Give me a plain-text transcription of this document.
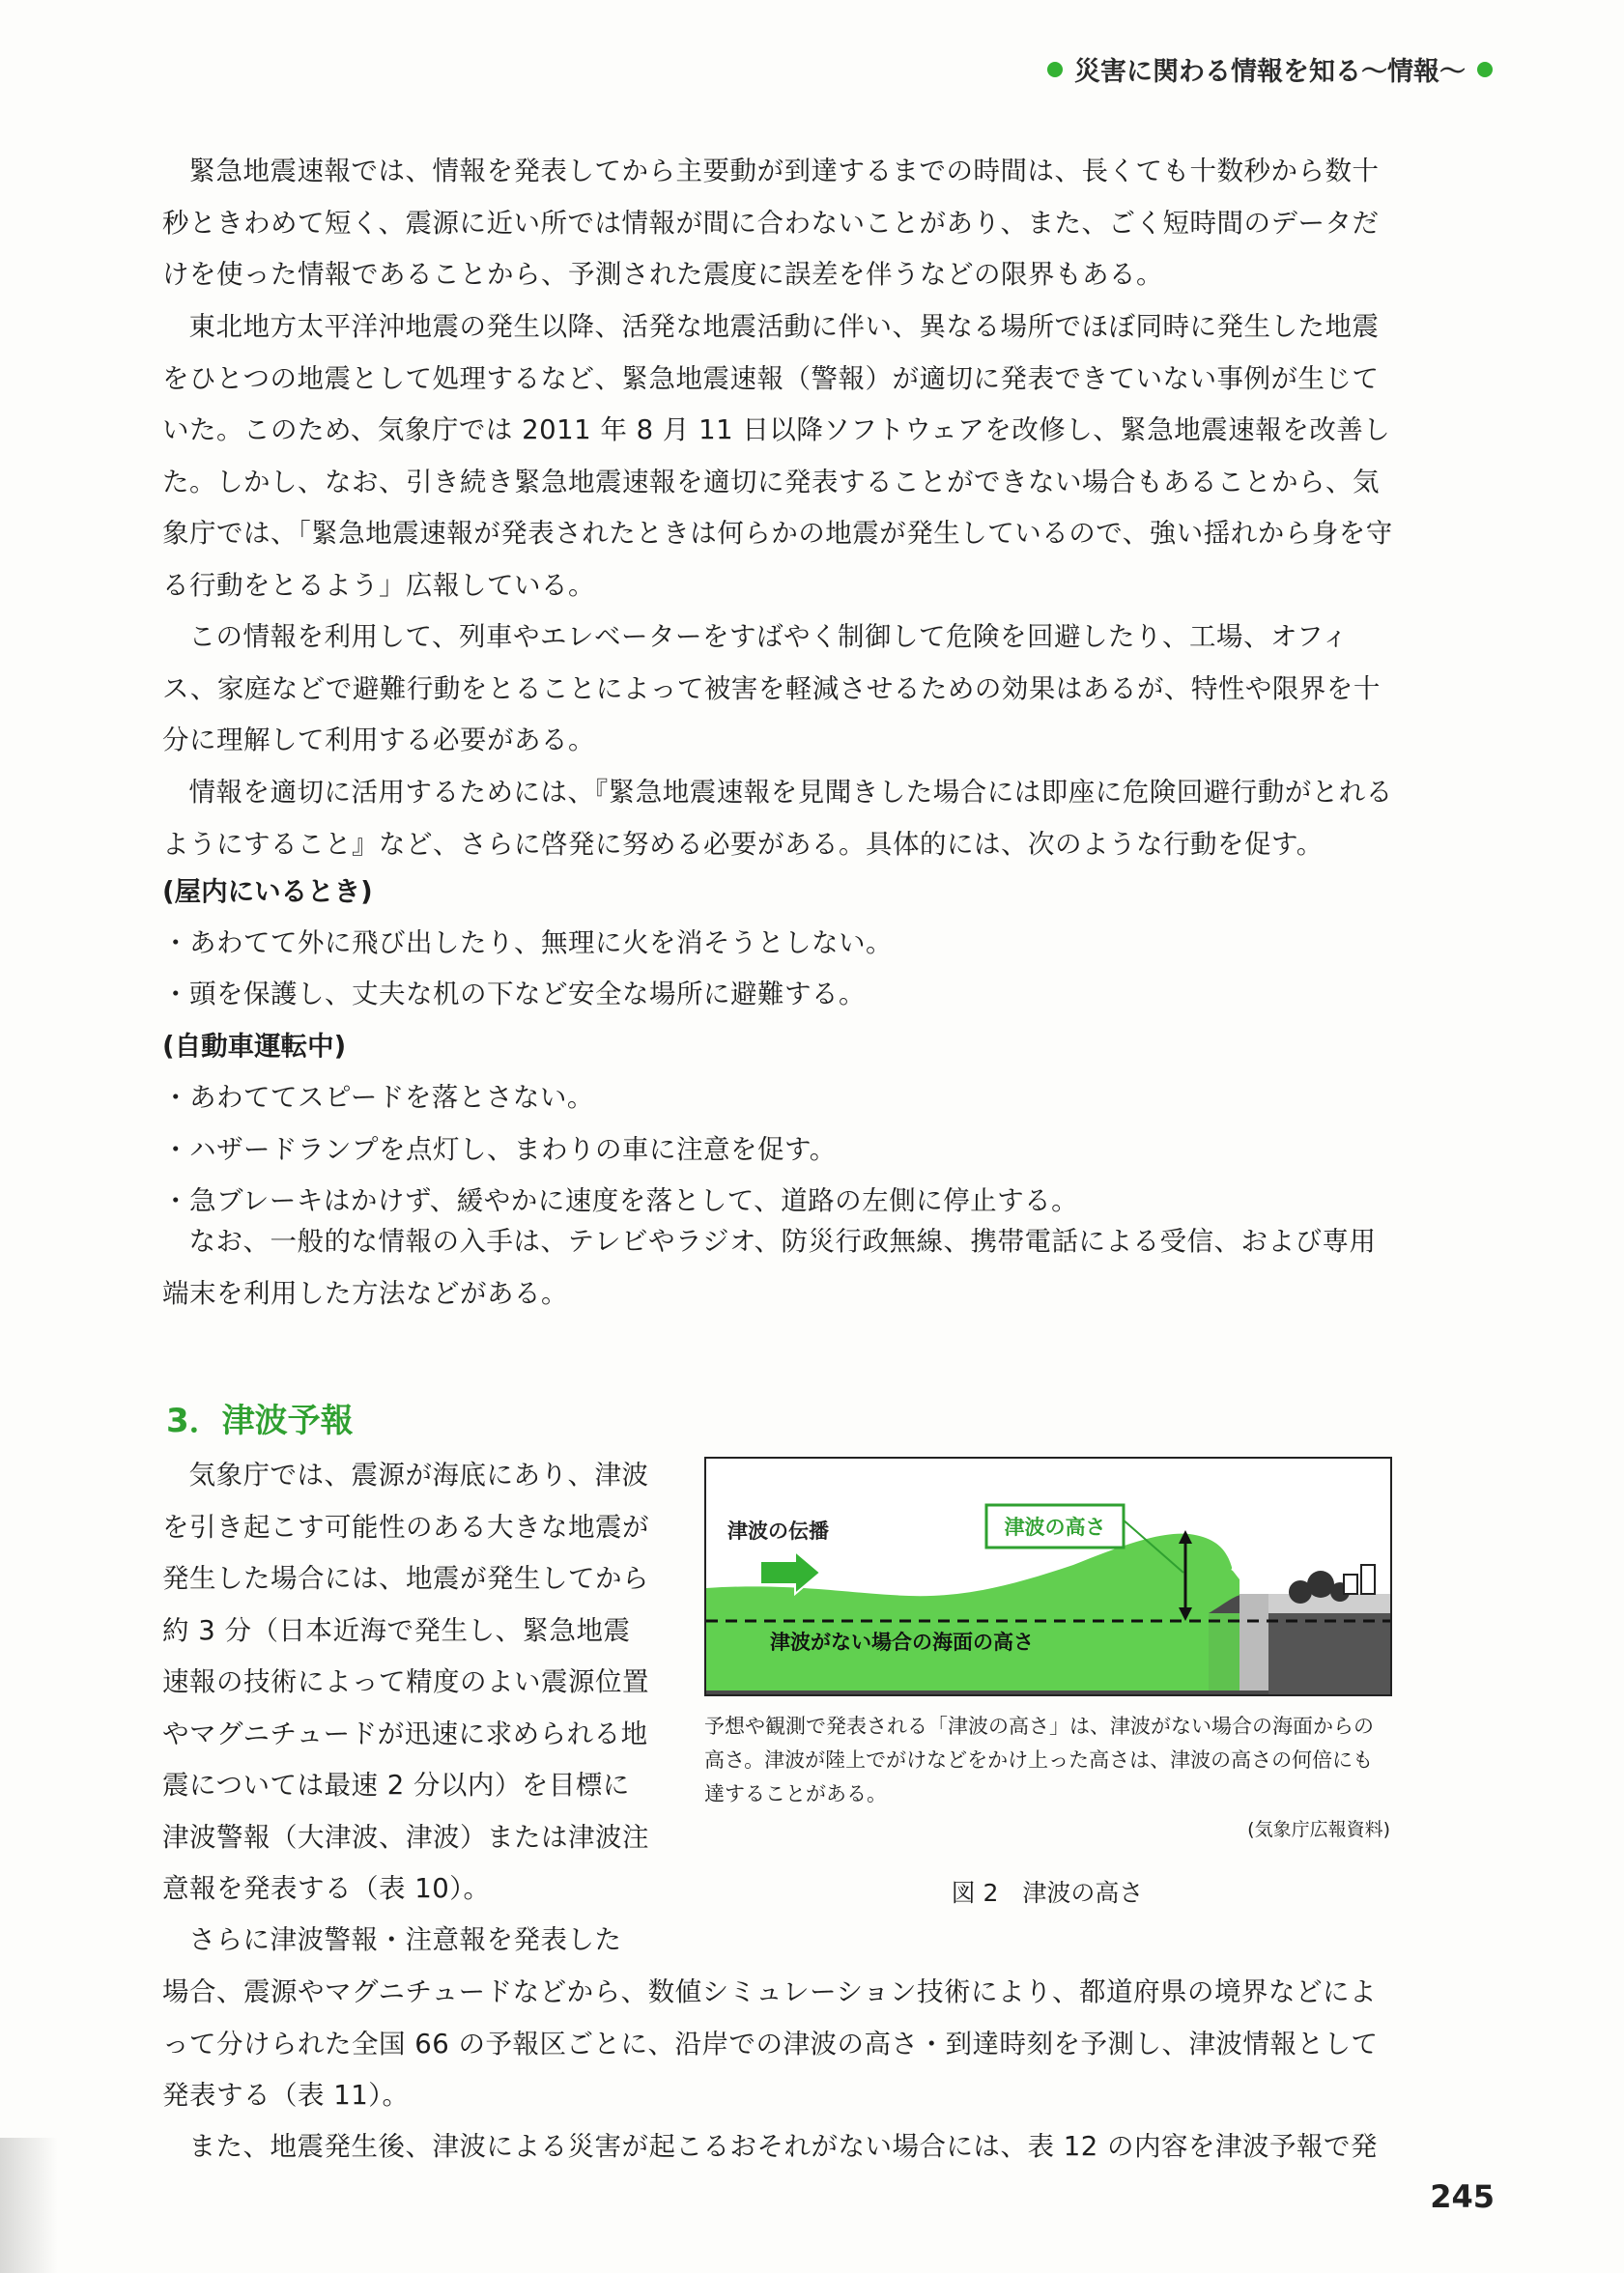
災害に関わる情報を知る～情報～

緊急地震速報では、情報を発表してから主要動が到達するまでの時間は、長くても十数秒から数十秒ときわめて短く、震源に近い所では情報が間に合わないことがあり、また、ごく短時間のデータだけを使った情報であることから、予測された震度に誤差を伴うなどの限界もある。

東北地方太平洋沖地震の発生以降、活発な地震活動に伴い、異なる場所でほぼ同時に発生した地震をひとつの地震として処理するなど、緊急地震速報（警報）が適切に発表できていない事例が生じていた。このため、気象庁では 2011 年 8 月 11 日以降ソフトウェアを改修し、緊急地震速報を改善した。しかし、なお、引き続き緊急地震速報を適切に発表することができない場合もあることから、気象庁では、「緊急地震速報が発表されたときは何らかの地震が発生しているので、強い揺れから身を守る行動をとるよう」広報している。

この情報を利用して、列車やエレベーターをすばやく制御して危険を回避したり、工場、オフィス、家庭などで避難行動をとることによって被害を軽減させるための効果はあるが、特性や限界を十分に理解して利用する必要がある。

情報を適切に活用するためには、『緊急地震速報を見聞きした場合には即座に危険回避行動がとれるようにすること』など、さらに啓発に努める必要がある。具体的には、次のような行動を促す。

(屋内にいるとき)

・あわてて外に飛び出したり、無理に火を消そうとしない。

・頭を保護し、丈夫な机の下など安全な場所に避難する。

(自動車運転中)

・あわててスピードを落とさない。

・ハザードランプを点灯し、まわりの車に注意を促す。

・急ブレーキはかけず、緩やかに速度を落として、道路の左側に停止する。

なお、一般的な情報の入手は、テレビやラジオ、防災行政無線、携帯電話による受信、および専用端末を利用した方法などがある。

3．津波予報

気象庁では、震源が海底にあり、津波を引き起こす可能性のある大きな地震が発生した場合には、地震が発生してから約 3 分（日本近海で発生し、緊急地震速報の技術によって精度のよい震源位置やマグニチュードが迅速に求められる地震については最速 2 分以内）を目標に津波警報（大津波、津波）または津波注意報を発表する（表 10）。

さらに津波警報・注意報を発表した

場合、震源やマグニチュードなどから、数値シミュレーション技術により、都道府県の境界などによって分けられた全国 66 の予報区ごとに、沿岸での津波の高さ・到達時刻を予測し、津波情報として発表する（表 11）。

また、地震発生後、津波による災害が起こるおそれがない場合には、表 12 の内容を津波予報で発

津波の高さ
津波の伝播
津波がない場合の海面の高さ

予想や観測で発表される「津波の高さ」は、津波がない場合の海面からの高さ。津波が陸上でがけなどをかけ上った高さは、津波の高さの何倍にも達することがある。

(気象庁広報資料)

図 2　津波の高さ

245
